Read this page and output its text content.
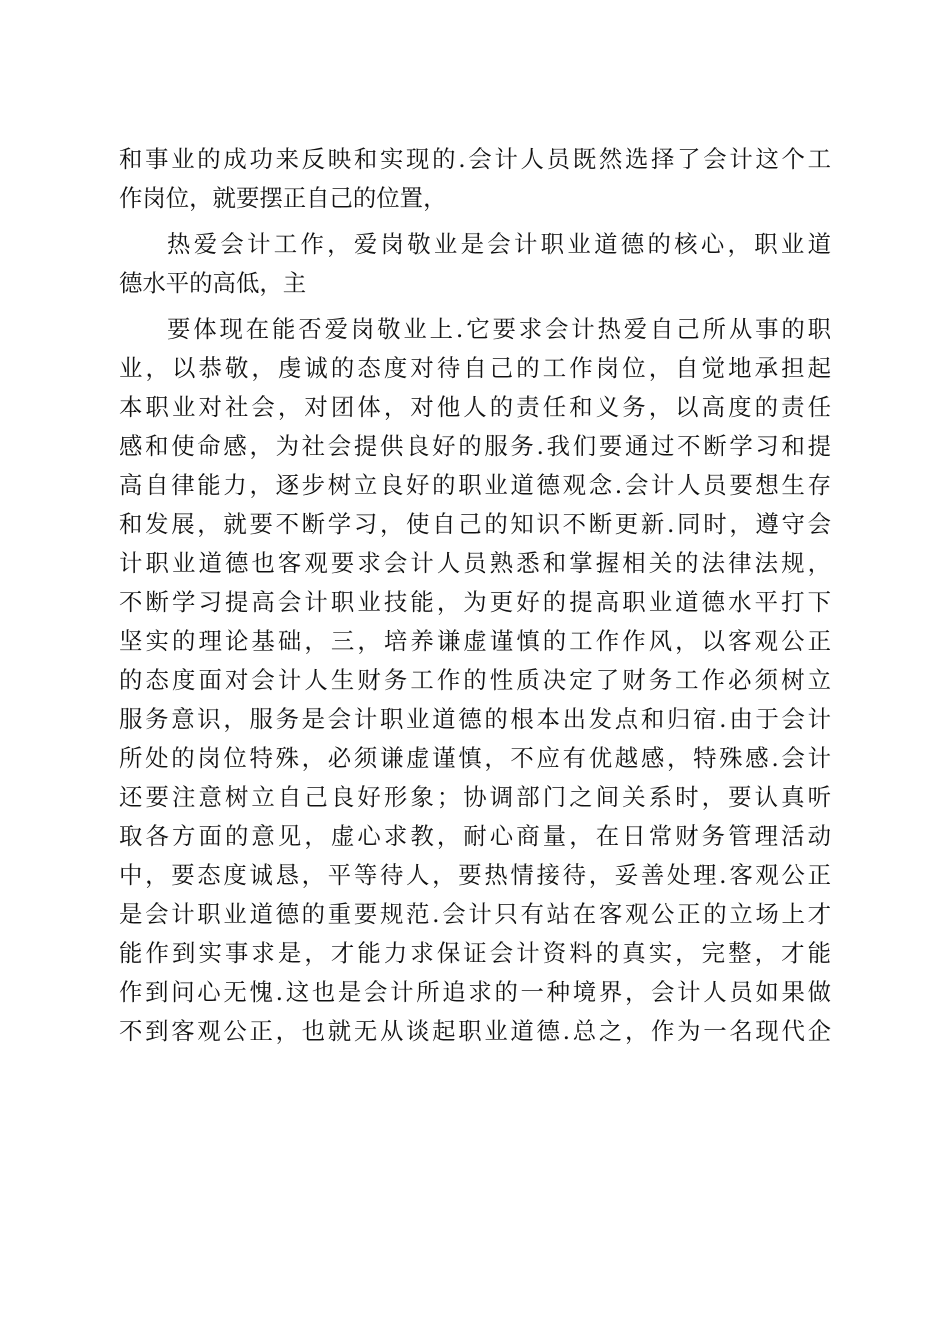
和事业的成功来反映和实现的.会计人员既然选择了会计这个工
作岗位，就要摆正自己的位置，
热爱会计工作，爱岗敬业是会计职业道德的核心，职业道
德水平的高低，主
要体现在能否爱岗敬业上.它要求会计热爱自己所从事的职
业，以恭敬，虔诚的态度对待自己的工作岗位，自觉地承担起
本职业对社会，对团体，对他人的责任和义务，以高度的责任
感和使命感，为社会提供良好的服务.我们要通过不断学习和提
高自律能力，逐步树立良好的职业道德观念.会计人员要想生存
和发展，就要不断学习，使自己的知识不断更新.同时，遵守会
计职业道德也客观要求会计人员熟悉和掌握相关的法律法规，
不断学习提高会计职业技能，为更好的提高职业道德水平打下
坚实的理论基础，三，培养谦虚谨慎的工作作风，以客观公正
的态度面对会计人生财务工作的性质决定了财务工作必须树立
服务意识，服务是会计职业道德的根本出发点和归宿.由于会计
所处的岗位特殊，必须谦虚谨慎，不应有优越感，特殊感.会计
还要注意树立自己良好形象；协调部门之间关系时，要认真听
取各方面的意见，虚心求教，耐心商量，在日常财务管理活动
中，要态度诚恳，平等待人，要热情接待，妥善处理.客观公正
是会计职业道德的重要规范.会计只有站在客观公正的立场上才
能作到实事求是，才能力求保证会计资料的真实，完整，才能
作到问心无愧.这也是会计所追求的一种境界，会计人员如果做
不到客观公正，也就无从谈起职业道德.总之，作为一名现代企
